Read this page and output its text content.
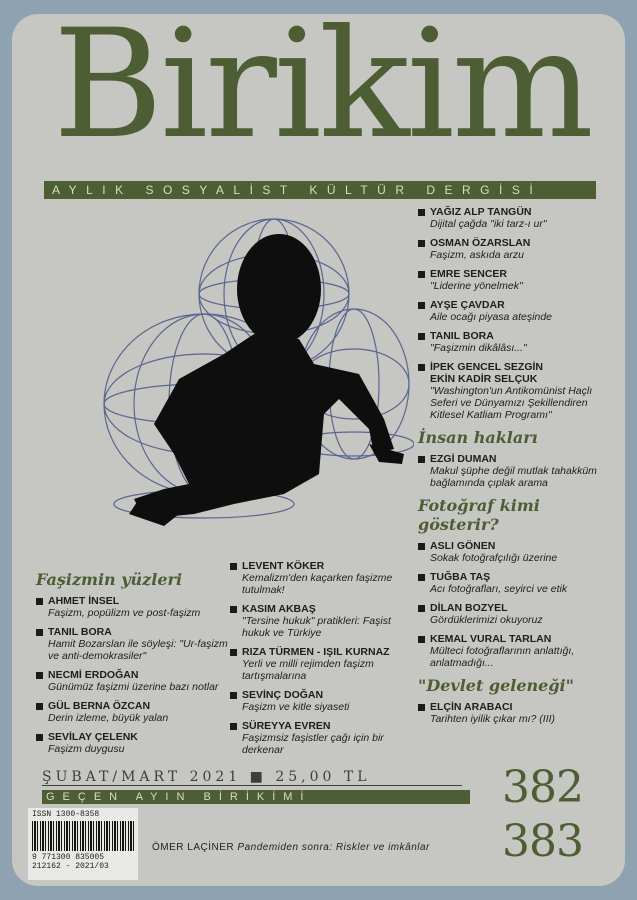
Birikim
AYLIK SOSYALİST KÜLTÜR DERGİSİ
YAĞIZ ALP TANGÜN
Dijital çağda "iki tarz-ı ur"
OSMAN ÖZARSLAN
Faşizm, askıda arzu
EMRE SENCER
"Liderine yönelmek"
AYŞE ÇAVDAR
Aile ocağı piyasa ateşinde
TANIL BORA
"Faşizmin dikâlâsı..."
İPEK GENCEL SEZGİN
EKİN KADİR SELÇUK
"Washington'un Antikomünist Haçlı Seferi ve Dünyamızı Şekillendiren Kitlesel Katliam Programı"
İnsan hakları
EZGİ DUMAN
Makul şüphe değil mutlak tahakküm bağlamında çıplak arama
Fotoğraf kimi gösterir?
ASLI GÖNEN
Sokak fotoğrafçılığı üzerine
TUĞBA TAŞ
Acı fotoğrafları, seyirci ve etik
DİLAN BOZYEL
Gördüklerimizi okuyoruz
KEMAL VURAL TARLAN
Mülteci fotoğraflarının anlattığı, anlatmadığı...
"Devlet geleneği"
ELÇİN ARABACI
Tarihten iyilik çıkar mı? (III)
Faşizmin yüzleri
AHMET İNSEL
Faşizm, popülizm ve post-faşizm
TANIL BORA
Hamit Bozarslan ile söyleşi: "Ur-faşizm ve anti-demokrasiler"
NECMİ ERDOĞAN
Günümüz faşizmi üzerine bazı notlar
GÜL BERNA ÖZCAN
Derin izleme, büyük yalan
SEVİLAY ÇELENK
Faşizm duygusu
LEVENT KÖKER
Kemalizm'den kaçarken faşizme tutulmak!
KASIM AKBAŞ
"Tersine hukuk" pratikleri: Faşist hukuk ve Türkiye
RIZA TÜRMEN - IŞIL KURNAZ
Yerli ve milli rejimden faşizm tartışmalarına
SEVİNÇ DOĞAN
Faşizm ve kitle siyaseti
SÜREYYA EVREN
Faşizmsiz faşistler çağı için bir derkenar
ŞUBAT/MART 2021 ■ 25,00 TL
GEÇEN AYIN BİRİKİMİ	382
383
ISSN 1300-8358
9 771300 835005
212162 - 2021/03
ÖMER LAÇİNER Pandemiden sonra: Riskler ve imkânlar
